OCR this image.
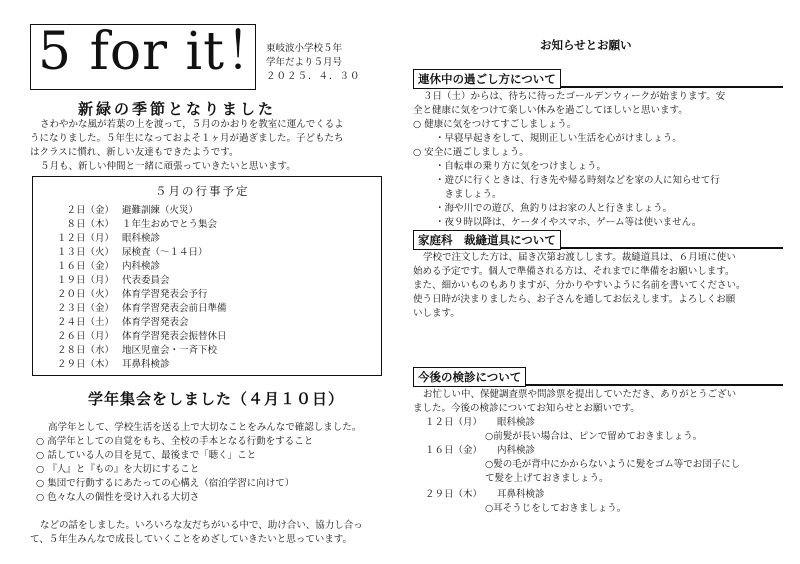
5 for it！
東岐波小学校５年
学年だより５月号
２０２５．４．３０
新緑の季節となりました
さわやかな風が若葉の上を渡って，５月のかおりを教室に運んでくるよ
うになりました。５年生になっておよそ１ヶ月が過ぎました。子どもたち
はクラスに慣れ、新しい友達もできたようです。
５月も、新しい仲間と一緒に頑張っていきたいと思います。
５月の行事予定
２日（金） 避難訓練（火災）
８日（木） １年生おめでとう集会
１２日（月） 眼科検診
１３日（火） 尿検査（～１４日）
１６日（金） 内科検診
１９日（月） 代表委員会
２０日（火） 体育学習発表会予行
２３日（金） 体育学習発表会前日準備
２４日（土） 体育学習発表会
２６日（月） 体育学習発表会振替休日
２８日（水） 地区児童会・一斉下校
２９日（木） 耳鼻科検診
学年集会をしました（４月１０日）
高学年として、学校生活を送る上で大切なことをみんなで確認しました。
○ 高学年としての自覚をもち、全校の手本となる行動をすること
○ 話している人の目を見て、最後まで「聴く」こと
○ 『人』と『もの』を大切にすること
○ 集団で行動するにあたっての心構え（宿泊学習に向けて）
○ 色々な人の個性を受け入れる大切さ
などの話をしました。いろいろな友だちがいる中で、助け合い、協力し合っ
て、５年生みんなで成長していくことをめざしていきたいと思っています。
お知らせとお願い
連休中の過ごし方について
３日（土）からは、待ちに待ったゴールデンウィークが始まります。安
全と健康に気をつけて楽しい休みを過ごしてほしいと思います。
○ 健康に気をつけてすごしましょう。
・早寝早起きをして、規則正しい生活を心がけましょう。
○ 安全に過ごしましょう。
・自転車の乗り方に気をつけましょう。
・遊びに行くときは、行き先や帰る時刻などを家の人に知らせて行
　きましょう。
・海や川での遊び、魚釣りはお家の人と行きましょう。
・夜９時以降は、ケータイやスマホ、ゲーム等は使いません。
家庭科　裁縫道具について
学校で注文した方は、届き次第お渡しします。裁縫道具は、６月頃に使い
始める予定です。個人で準備される方は、それまでに準備をお願いします。
また、細かいものもありますが、分かりやすいように名前を書いてください。
使う日時が決まりましたら、お子さんを通してお伝えします。よろしくお願
いします。
今後の検診について
お忙しい中、保健調査票や問診票を提出していただき、ありがとうござい
ました。今後の検診についてお知らせとお願いです。
１２日（月） 眼科検診
○前髪が長い場合は、ピンで留めておきましょう。
１６日（金） 内科検診
○髪の毛が背中にかからないように髪をゴム等でお団子にし
て髪を上げておきましょう。
２９日（木） 耳鼻科検診
○耳そうじをしておきましょう。
